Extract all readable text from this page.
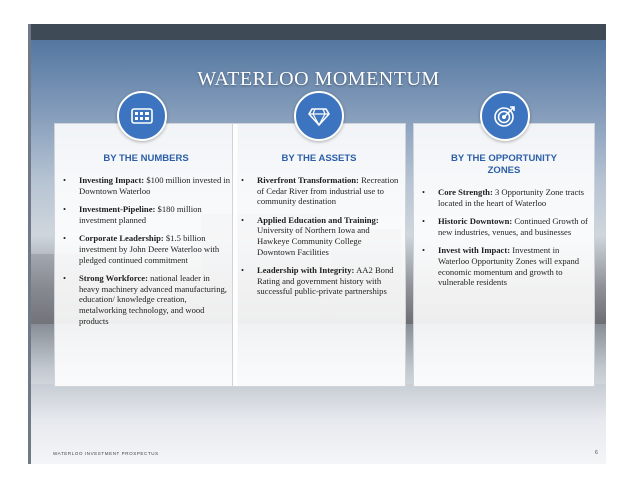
WATERLOO MOMENTUM
BY THE NUMBERS
• Investing Impact: $100 million invested in Downtown Waterloo
• Investment-Pipeline: $180 million investment planned
• Corporate Leadership: $1.5 billion investment by John Deere Waterloo with pledged continued commitment
• Strong Workforce: national leader in heavy machinery advanced manufacturing, education/ knowledge creation, metalworking technology, and wood products
BY THE ASSETS
• Riverfront Transformation: Recreation of Cedar River from industrial use to community destination
• Applied Education and Training: University of Northern Iowa and Hawkeye Community College Downtown Facilities
• Leadership with Integrity: AA2 Bond Rating and government history with successful public-private partnerships
BY THE OPPORTUNITY ZONES
• Core Strength: 3 Opportunity Zone tracts located in the heart of Waterloo
• Historic Downtown: Continued Growth of new industries, venues, and businesses
• Invest with Impact: Investment in Waterloo Opportunity Zones will expand economic momentum and growth to vulnerable residents
WATERLOO INVESTMENT PROSPECTUS	6
